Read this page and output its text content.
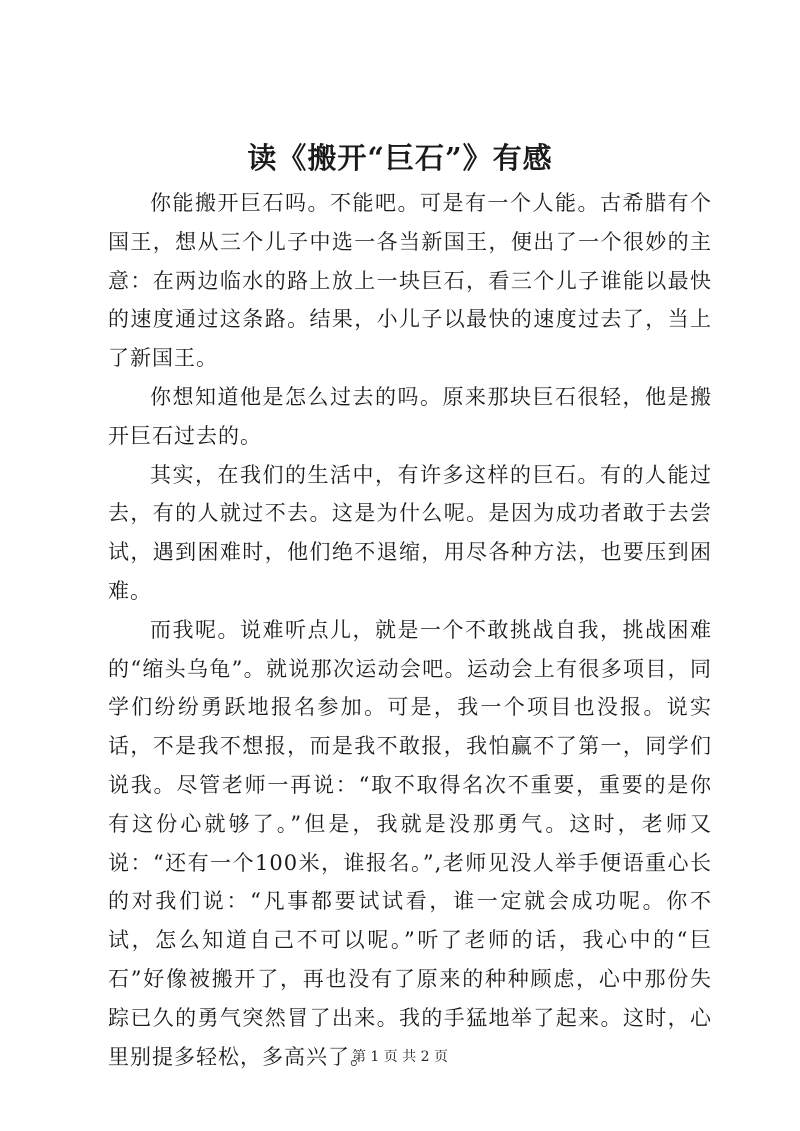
读《搬开“巨石”》有感

你能搬开巨石吗。不能吧。可是有一个人能。古希腊有个国王，想从三个儿子中选一各当新国王，便出了一个很妙的主意：在两边临水的路上放上一块巨石，看三个儿子谁能以最快的速度通过这条路。结果，小儿子以最快的速度过去了，当上了新国王。

你想知道他是怎么过去的吗。原来那块巨石很轻，他是搬开巨石过去的。

其实，在我们的生活中，有许多这样的巨石。有的人能过去，有的人就过不去。这是为什么呢。是因为成功者敢于去尝试，遇到困难时，他们绝不退缩，用尽各种方法，也要压到困难。

而我呢。说难听点儿，就是一个不敢挑战自我，挑战困难的“缩头乌龟”。就说那次运动会吧。运动会上有很多项目，同学们纷纷勇跃地报名参加。可是，我一个项目也没报。说实话，不是我不想报，而是我不敢报，我怕赢不了第一，同学们说我。尽管老师一再说：“取不取得名次不重要，重要的是你有这份心就够了。”但是，我就是没那勇气。这时，老师又说：“还有一个100米，谁报名。”,老师见没人举手便语重心长的对我们说：“凡事都要试试看，谁一定就会成功呢。你不试，怎么知道自己不可以呢。”听了老师的话，我心中的“巨石”好像被搬开了，再也没有了原来的种种顾虑，心中那份失踪已久的勇气突然冒了出来。我的手猛地举了起来。这时，心里别提多轻松，多高兴了。

第 1 页 共 2 页
